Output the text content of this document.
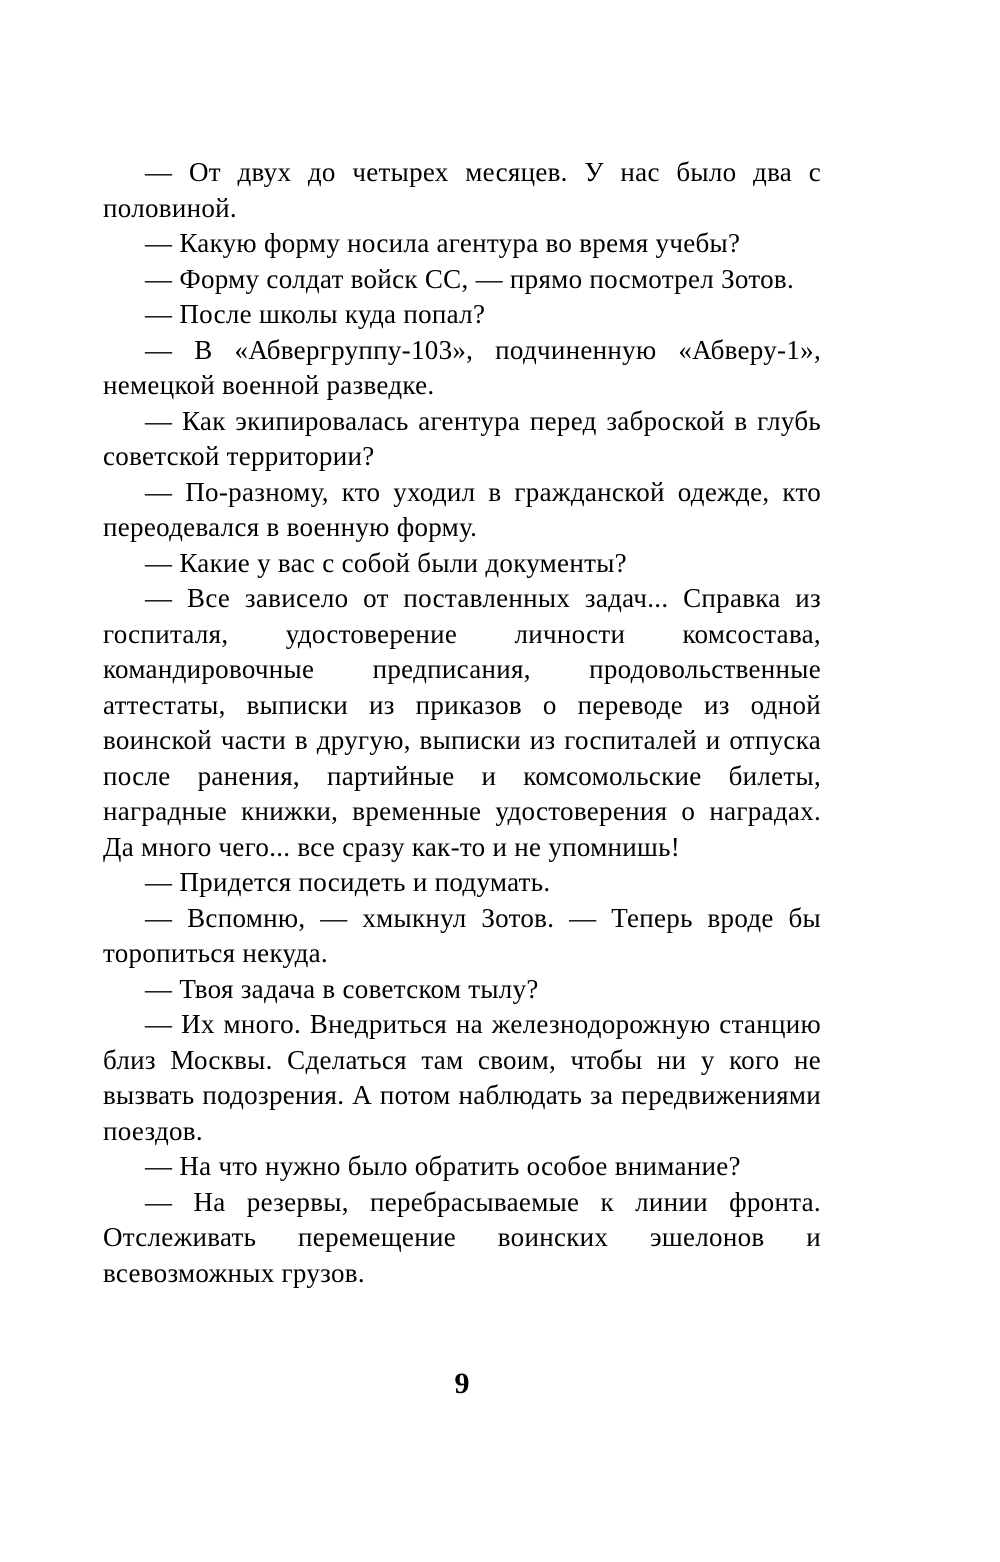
— От двух до четырех месяцев. У нас было два с половиной.

— Какую форму носила агентура во время учебы?

— Форму солдат войск СС, — прямо посмотрел Зотов.

— После школы куда попал?

— В «Абвергруппу-103», подчиненную «Абверу-1», немецкой военной разведке.

— Как экипировалась агентура перед заброской в глубь советской территории?

— По-разному, кто уходил в гражданской одежде, кто переодевался в военную форму.

— Какие у вас с собой были документы?

— Все зависело от поставленных задач... Справка из госпиталя, удостоверение личности комсостава, командировочные предписания, продовольственные аттестаты, выписки из приказов о переводе из одной воинской части в другую, выписки из госпиталей и отпуска после ранения, партийные и комсомольские билеты, наградные книжки, временные удостоверения о наградах. Да много чего... все сразу как-то и не упомнишь!

— Придется посидеть и подумать.

— Вспомню, — хмыкнул Зотов. — Теперь вроде бы торопиться некуда.

— Твоя задача в советском тылу?

— Их много. Внедриться на железнодорожную станцию близ Москвы. Сделаться там своим, чтобы ни у кого не вызвать подозрения. А потом наблюдать за передвижениями поездов.

— На что нужно было обратить особое внимание?

— На резервы, перебрасываемые к линии фронта. Отслеживать перемещение воинских эшелонов и всевозможных грузов.

9
